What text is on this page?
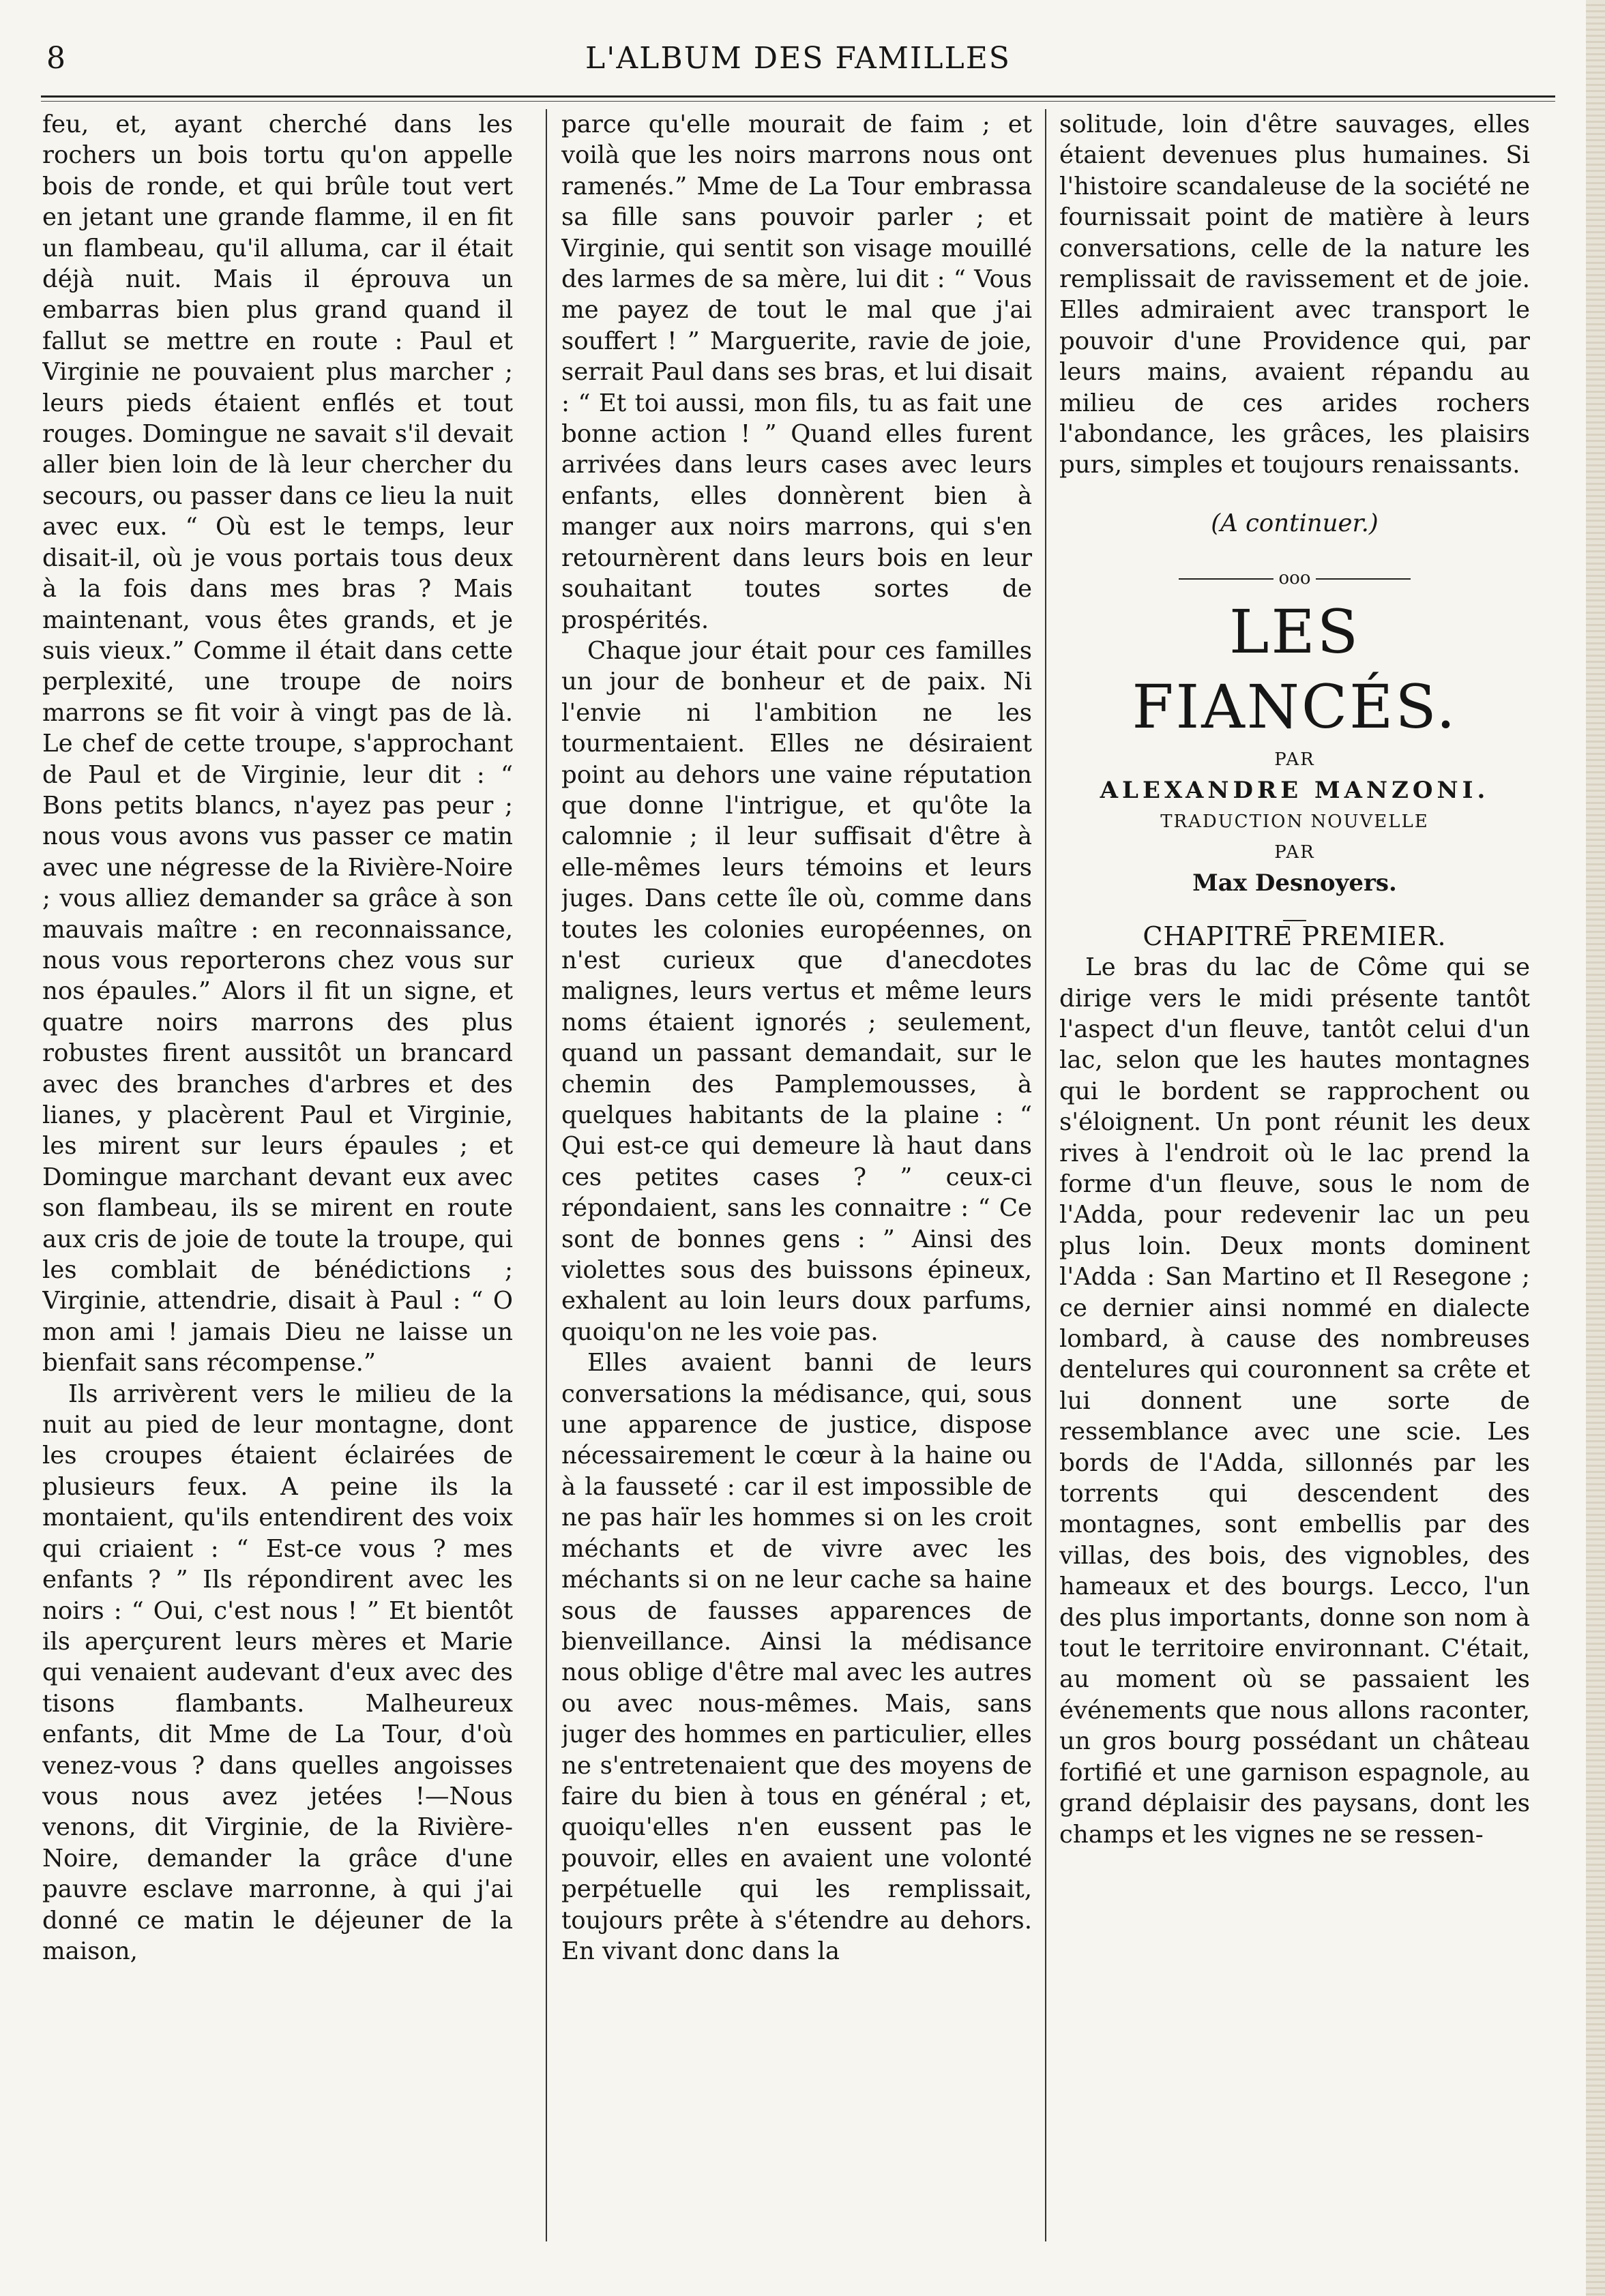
8	L'ALBUM DES FAMILLES

feu, et, ayant cherché dans les rochers un bois tortu qu'on appelle bois de ronde, et qui brûle tout vert en jetant une grande flamme, il en fit un flambeau, qu'il alluma, car il était déjà nuit. Mais il éprouva un embarras bien plus grand quand il fallut se mettre en route : Paul et Virginie ne pouvaient plus marcher ; leurs pieds étaient enflés et tout rouges. Domingue ne savait s'il devait aller bien loin de là leur chercher du secours, ou passer dans ce lieu la nuit avec eux. “ Où est le temps, leur disait-il, où je vous portais tous deux à la fois dans mes bras ? Mais maintenant, vous êtes grands, et je suis vieux.” Comme il était dans cette perplexité, une troupe de noirs marrons se fit voir à vingt pas de là. Le chef de cette troupe, s'approchant de Paul et de Virginie, leur dit : “ Bons petits blancs, n'ayez pas peur ; nous vous avons vus passer ce matin avec une négresse de la Rivière-Noire ; vous alliez demander sa grâce à son mauvais maître : en reconnaissance, nous vous reporterons chez vous sur nos épaules.” Alors il fit un signe, et quatre noirs marrons des plus robustes firent aussitôt un brancard avec des branches d'arbres et des lianes, y placèrent Paul et Virginie, les mirent sur leurs épaules ; et Domingue marchant devant eux avec son flambeau, ils se mirent en route aux cris de joie de toute la troupe, qui les comblait de bénédictions ; Virginie, attendrie, disait à Paul : “ O mon ami ! jamais Dieu ne laisse un bienfait sans récompense.”

Ils arrivèrent vers le milieu de la nuit au pied de leur montagne, dont les croupes étaient éclairées de plusieurs feux. A peine ils la montaient, qu'ils entendirent des voix qui criaient : “ Est-ce vous ? mes enfants ? ” Ils répondirent avec les noirs : “ Oui, c'est nous ! ” Et bientôt ils aperçurent leurs mères et Marie qui venaient audevant d'eux avec des tisons flambants. Malheureux enfants, dit Mme de La Tour, d'où venez-vous ? dans quelles angoisses vous nous avez jetées !—Nous venons, dit Virginie, de la Rivière-Noire, demander la grâce d'une pauvre esclave marronne, à qui j'ai donné ce matin le déjeuner de la maison,

parce qu'elle mourait de faim ; et voilà que les noirs marrons nous ont ramenés.” Mme de La Tour embrassa sa fille sans pouvoir parler ; et Virginie, qui sentit son visage mouillé des larmes de sa mère, lui dit : “ Vous me payez de tout le mal que j'ai souffert ! ” Marguerite, ravie de joie, serrait Paul dans ses bras, et lui disait : “ Et toi aussi, mon fils, tu as fait une bonne action ! ” Quand elles furent arrivées dans leurs cases avec leurs enfants, elles donnèrent bien à manger aux noirs marrons, qui s'en retournèrent dans leurs bois en leur souhaitant toutes sortes de prospérités.

Chaque jour était pour ces familles un jour de bonheur et de paix. Ni l'envie ni l'ambition ne les tourmentaient. Elles ne désiraient point au dehors une vaine réputation que donne l'intrigue, et qu'ôte la calomnie ; il leur suffisait d'être à elle-mêmes leurs témoins et leurs juges. Dans cette île où, comme dans toutes les colonies européennes, on n'est curieux que d'anecdotes malignes, leurs vertus et même leurs noms étaient ignorés ; seulement, quand un passant demandait, sur le chemin des Pamplemousses, à quelques habitants de la plaine : “ Qui est-ce qui demeure là haut dans ces petites cases ? ” ceux-ci répondaient, sans les connaitre : “ Ce sont de bonnes gens : ” Ainsi des violettes sous des buissons épineux, exhalent au loin leurs doux parfums, quoiqu'on ne les voie pas.

Elles avaient banni de leurs conversations la médisance, qui, sous une apparence de justice, dispose nécessairement le cœur à la haine ou à la fausseté : car il est impossible de ne pas haïr les hommes si on les croit méchants et de vivre avec les méchants si on ne leur cache sa haine sous de fausses apparences de bienveillance. Ainsi la médisance nous oblige d'être mal avec les autres ou avec nous-mêmes. Mais, sans juger des hommes en particulier, elles ne s'entretenaient que des moyens de faire du bien à tous en général ; et, quoiqu'elles n'en eussent pas le pouvoir, elles en avaient une volonté perpétuelle qui les remplissait, toujours prête à s'étendre au dehors. En vivant donc dans la

solitude, loin d'être sauvages, elles étaient devenues plus humaines. Si l'histoire scandaleuse de la société ne fournissait point de matière à leurs conversations, celle de la nature les remplissait de ravissement et de joie. Elles admiraient avec transport le pouvoir d'une Providence qui, par leurs mains, avaient répandu au milieu de ces arides rochers l'abondance, les grâces, les plaisirs purs, simples et toujours renaissants.

(A continuer.)

ooo

LES FIANCÉS.

PAR

ALEXANDRE MANZONI.

TRADUCTION NOUVELLE

PAR

Max Desnoyers.

CHAPITRE PREMIER.

Le bras du lac de Côme qui se dirige vers le midi présente tantôt l'aspect d'un fleuve, tantôt celui d'un lac, selon que les hautes montagnes qui le bordent se rapprochent ou s'éloignent. Un pont réunit les deux rives à l'endroit où le lac prend la forme d'un fleuve, sous le nom de l'Adda, pour redevenir lac un peu plus loin. Deux monts dominent l'Adda : San Martino et Il Resegone ; ce dernier ainsi nommé en dialecte lombard, à cause des nombreuses dentelures qui couronnent sa crête et lui donnent une sorte de ressemblance avec une scie. Les bords de l'Adda, sillonnés par les torrents qui descendent des montagnes, sont embellis par des villas, des bois, des vignobles, des hameaux et des bourgs. Lecco, l'un des plus importants, donne son nom à tout le territoire environnant. C'était, au moment où se passaient les événements que nous allons raconter, un gros bourg possédant un château fortifié et une garnison espagnole, au grand déplaisir des paysans, dont les champs et les vignes ne se ressen-
